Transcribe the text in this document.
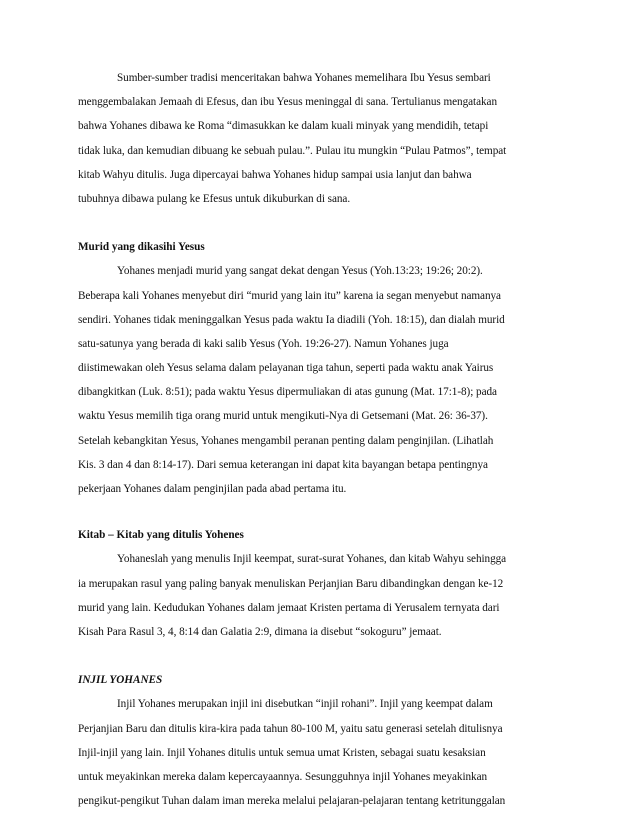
Sumber-sumber tradisi menceritakan bahwa Yohanes memelihara Ibu Yesus sembari
menggembalakan Jemaah di Efesus, dan ibu Yesus meninggal di sana. Tertulianus mengatakan
bahwa Yohanes dibawa ke Roma “dimasukkan ke dalam kuali minyak yang mendidih, tetapi
tidak luka, dan kemudian dibuang ke sebuah pulau.”. Pulau itu mungkin “Pulau Patmos”, tempat
kitab Wahyu ditulis. Juga dipercayai bahwa Yohanes hidup sampai usia lanjut dan bahwa
tubuhnya dibawa pulang ke Efesus untuk dikuburkan di sana.
Murid yang dikasihi Yesus
Yohanes menjadi murid yang sangat dekat dengan Yesus (Yoh.13:23; 19:26; 20:2).
Beberapa kali Yohanes menyebut diri “murid yang lain itu” karena ia segan menyebut namanya
sendiri. Yohanes tidak meninggalkan Yesus pada waktu Ia diadili (Yoh. 18:15), dan dialah murid
satu-satunya yang berada di kaki salib Yesus (Yoh. 19:26-27). Namun Yohanes juga
diistimewakan oleh Yesus selama dalam pelayanan tiga tahun, seperti pada waktu anak Yairus
dibangkitkan (Luk. 8:51); pada waktu Yesus dipermuliakan di atas gunung (Mat. 17:1-8); pada
waktu Yesus memilih tiga orang murid untuk mengikuti-Nya di Getsemani (Mat. 26: 36-37).
Setelah kebangkitan Yesus, Yohanes mengambil peranan penting dalam penginjilan. (Lihatlah
Kis. 3 dan 4 dan 8:14-17). Dari semua keterangan ini dapat kita bayangan betapa pentingnya
pekerjaan Yohanes dalam penginjilan pada abad pertama itu.
Kitab – Kitab yang ditulis Yohenes
Yohaneslah yang menulis Injil keempat, surat-surat Yohanes, dan kitab Wahyu sehingga
ia merupakan rasul yang paling banyak menuliskan Perjanjian Baru dibandingkan dengan ke-12
murid yang lain. Kedudukan Yohanes dalam jemaat Kristen pertama di Yerusalem ternyata dari
Kisah Para Rasul 3, 4, 8:14 dan Galatia 2:9, dimana ia disebut “sokoguru” jemaat.
INJIL YOHANES
Injil Yohanes merupakan injil ini disebutkan “injil rohani”. Injil yang keempat dalam
Perjanjian Baru dan ditulis kira-kira pada tahun 80-100 M, yaitu satu generasi setelah ditulisnya
Injil-injil yang lain. Injil Yohanes ditulis untuk semua umat Kristen, sebagai suatu kesaksian
untuk meyakinkan mereka dalam kepercayaannya. Sesungguhnya injil Yohanes meyakinkan
pengikut-pengikut Tuhan dalam iman mereka melalui pelajaran-pelajaran tentang ketritunggalan
